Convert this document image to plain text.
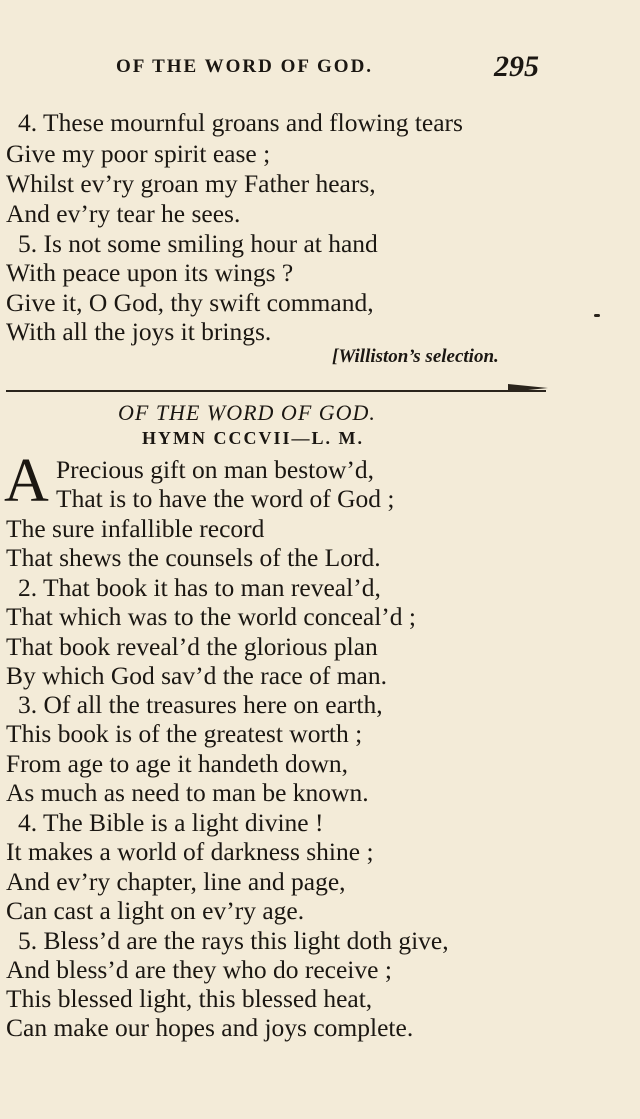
OF THE WORD OF GOD.	295
4. These mournful groans and flowing tears
Give my poor spirit ease ;
Whilst ev’ry groan my Father hears,
And ev’ry tear he sees.
5. Is not some smiling hour at hand
With peace upon its wings ?
Give it, O God, thy swift command,
With all the joys it brings.
[Williston’s selection.
OF THE WORD OF GOD.
HYMN CCCVII—L. M.
A Precious gift on man bestow’d,
That is to have the word of God ;
The sure infallible record
That shews the counsels of the Lord.
2. That book it has to man reveal’d,
That which was to the world conceal’d ;
That book reveal’d the glorious plan
By which God sav’d the race of man.
3. Of all the treasures here on earth,
This book is of the greatest worth ;
From age to age it handeth down,
As much as need to man be known.
4. The Bible is a light divine !
It makes a world of darkness shine ;
And ev’ry chapter, line and page,
Can cast a light on ev’ry age.
5. Bless’d are the rays this light doth give,
And bless’d are they who do receive ;
This blessed light, this blessed heat,
Can make our hopes and joys complete.
